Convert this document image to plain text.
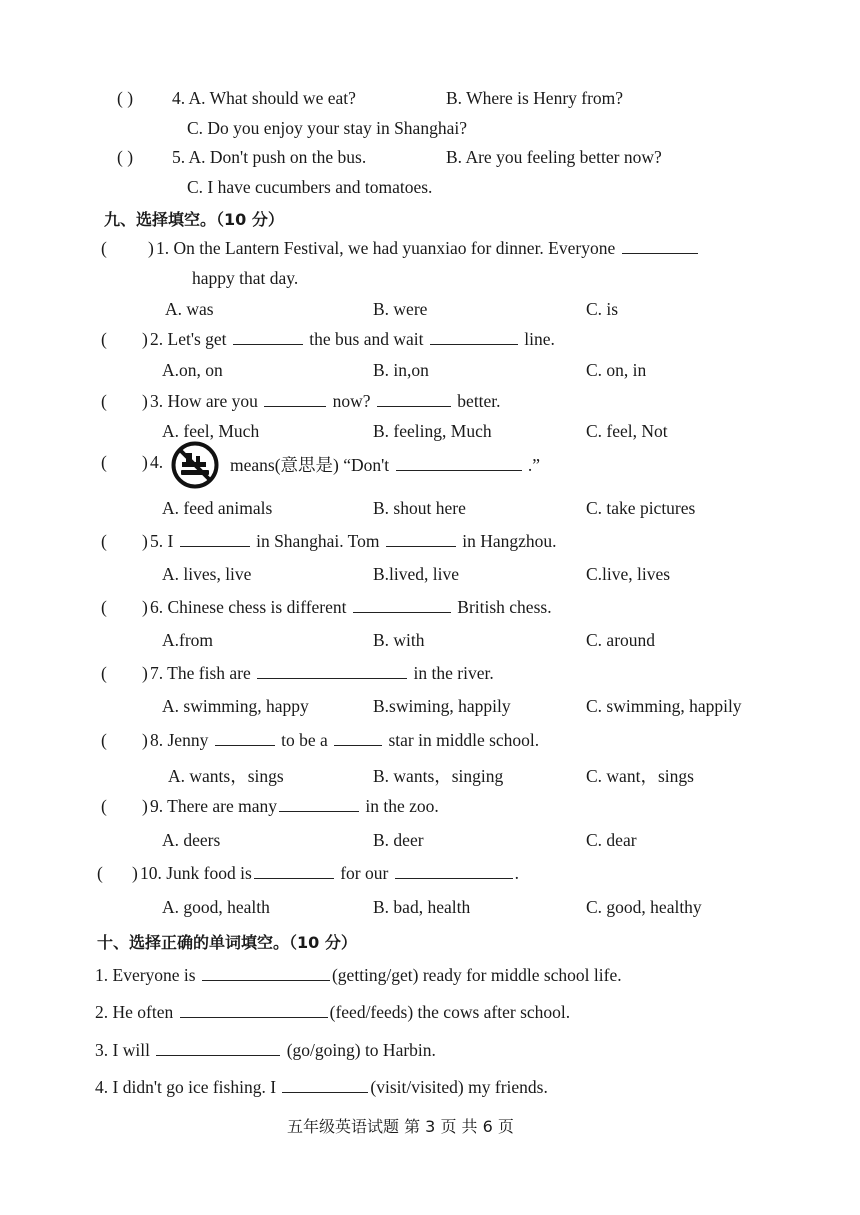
( ) 4. A. What should we eat?	B. Where is Henry from?
C. Do you enjoy your stay in Shanghai?
( ) 5. A. Don't push on the bus.	B. Are you feeling better now?
C. I have cucumbers and tomatoes.
九、选择填空。（10 分）
( ) 1. On the Lantern Festival, we had yuanxiao for dinner. Everyone
happy that day.
A. was	B. were	C. is
( ) 2. Let's get	the bus and wait	line.
A.on, on	B. in,on	C. on, in
( ) 3. How are you	now?	better.
A. feel, Much	B. feeling, Much	C. feel, Not
( ) 4.	means(意思是) “Don't	.”
A. feed animals	B. shout here	C. take pictures
( ) 5. I	in Shanghai. Tom	in Hangzhou.
A. lives, live	B.lived, live	C.live, lives
( ) 6. Chinese chess is different	British chess.
A.from	B. with	C. around
( ) 7. The fish are	in the river.
A. swimming, happy	B.swiming, happily	C. swimming, happily
( ) 8. Jenny	to be a	star in middle school.
A. wants，sings	B. wants，singing	C. want，sings
( ) 9. There are many	in the zoo.
A. deers	B. deer	C. dear
( ) 10. Junk food is	for our	.
A. good, health	B. bad, health	C. good, healthy
十、选择正确的单词填空。（10 分）
1. Everyone is	(getting/get) ready for middle school life.
2. He often	(feed/feeds) the cows after school.
3. I will	(go/going) to Harbin.
4. I didn't go ice fishing. I	(visit/visited) my friends.
五年级英语试题 第 3 页 共 6 页
